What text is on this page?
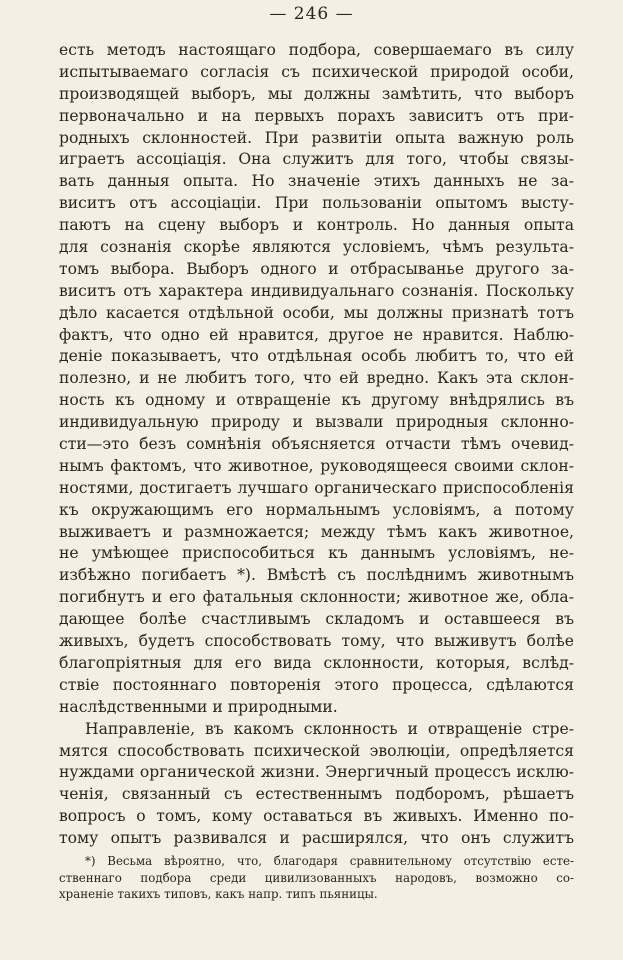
— 246 —
есть методъ настоящаго подбора, совершаемаго въ силу
испытываемаго согласія съ психической природой особи,
производящей выборъ, мы должны замѣтить, что выборъ
первоначально и на первыхъ порахъ зависитъ отъ при-
родныхъ склонностей. При развитіи опыта важную роль
играетъ ассоціація. Она служитъ для того, чтобы связы-
вать данныя опыта. Но значеніе этихъ данныхъ не за-
виситъ отъ ассоціаціи. При пользованіи опытомъ высту-
паютъ на сцену выборъ и контроль. Но данныя опыта
для сознанія скорѣе являются условіемъ, чѣмъ результа-
томъ выбора. Выборъ одного и отбрасыванье другого за-
виситъ отъ характера индивидуальнаго сознанія. Поскольку
дѣло касается отдѣльной особи, мы должны признатѣ тотъ
фактъ, что одно ей нравится, другое не нравится. Наблю-
деніе показываетъ, что отдѣльная особь любитъ то, что ей
полезно, и не любитъ того, что ей вредно. Какъ эта склон-
ность къ одному и отвращеніе къ другому внѣдрялись въ
индивидуальную природу и вызвали природныя склонно-
сти—это безъ сомнѣнія объясняется отчасти тѣмъ очевид-
нымъ фактомъ, что животное, руководящееся своими склон-
ностями, достигаетъ лучшаго органическаго приспособленія
къ окружающимъ его нормальнымъ условіямъ, а потому
выживаетъ и размножается; между тѣмъ какъ животное,
не умѣющее приспособиться къ даннымъ условіямъ, не-
избѣжно погибаетъ *). Вмѣстѣ съ послѣднимъ животнымъ
погибнутъ и его фатальныя склонности; животное же, обла-
дающее болѣе счастливымъ складомъ и оставшееся въ
живыхъ, будетъ способствовать тому, что выживутъ болѣе
благопріятныя для его вида склонности, которыя, вслѣд-
ствіе постояннаго повторенія этого процесса, сдѣлаются
наслѣдственными и природными.
Направленіе, въ какомъ склонность и отвращеніе стре-
мятся способствовать психической эволюціи, опредѣляется
нуждами органической жизни. Энергичный процессъ исклю-
ченія, связанный съ естественнымъ подборомъ, рѣшаетъ
вопросъ о томъ, кому оставаться въ живыхъ. Именно по-
тому опытъ развивался и расширялся, что онъ служитъ
*) Весьма вѣроятно, что, благодаря сравнительному отсутствію есте-
ственнаго подбора среди цивилизованныхъ народовъ, возможно со-
храненіе такихъ типовъ, какъ напр. типъ пьяницы.
